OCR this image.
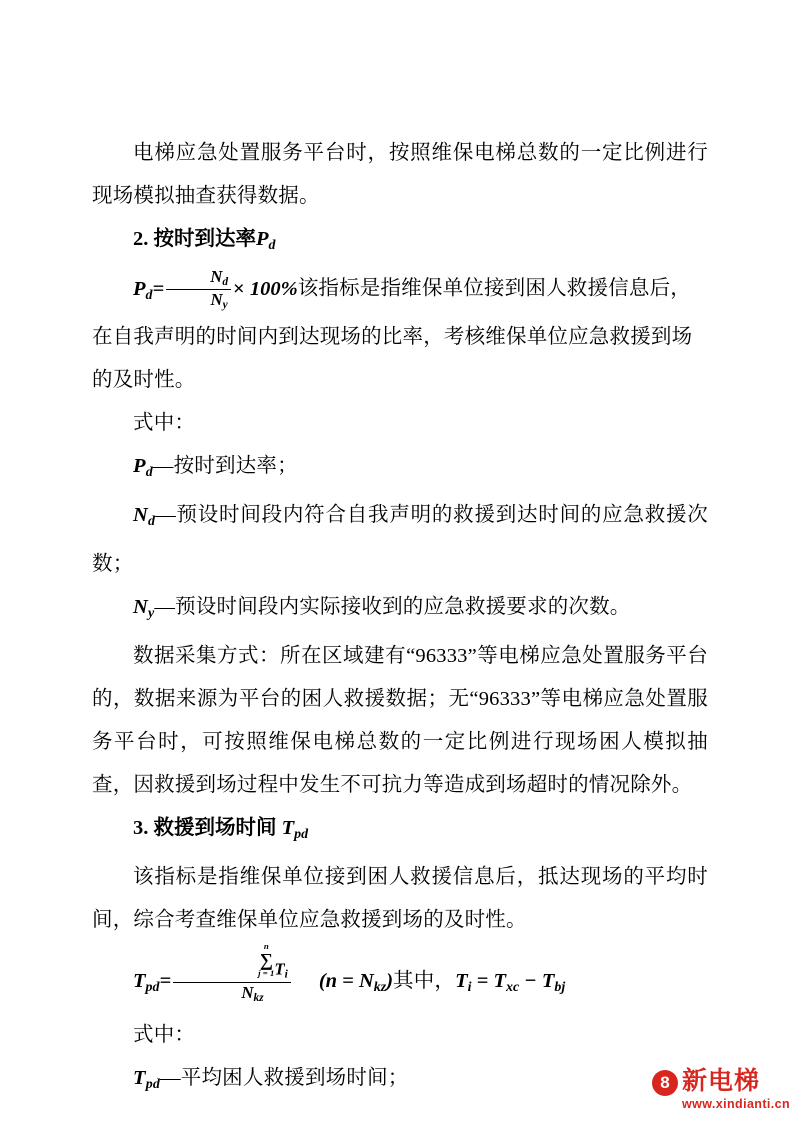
电梯应急处置服务平台时，按照维保电梯总数的一定比例进行现场模拟抽查获得数据。

2. 按时到达率$P_d$

$P_d= \frac{N_d}{N_y} \times 100\%$该指标是指维保单位接到困人救援信息后，在自我声明的时间内到达现场的比率，考核维保单位应急救援到场的及时性。

式中：

$P_d—$按时到达率；

$N_d—$预设时间段内符合自我声明的救援到达时间的应急救援次数；

$N_y—$预设时间段内实际接收到的应急救援要求的次数。

数据采集方式：所在区域建有“96333”等电梯应急处置服务平台的，数据来源为平台的困人救援数据；无“96333”等电梯应急处置服务平台时，可按照维保电梯总数的一定比例进行现场困人模拟抽查，因救援到场过程中发生不可抗力等造成到场超时的情况除外。

3. 救援到场时间 $T_{pd}$

该指标是指维保单位接到困人救援信息后，抵达现场的平均时间，综合考查维保单位应急救援到场的及时性。

$T_{pd}= n$
∑
j = 1 $T_i$
$N_{kz}$ $(n = N_{kz})$其中，$T_i = T_{xc} - T_{bj}$

式中：

$T_{pd}—$平均困人救援到场时间；	8 新电梯
www.xindianti.cn
